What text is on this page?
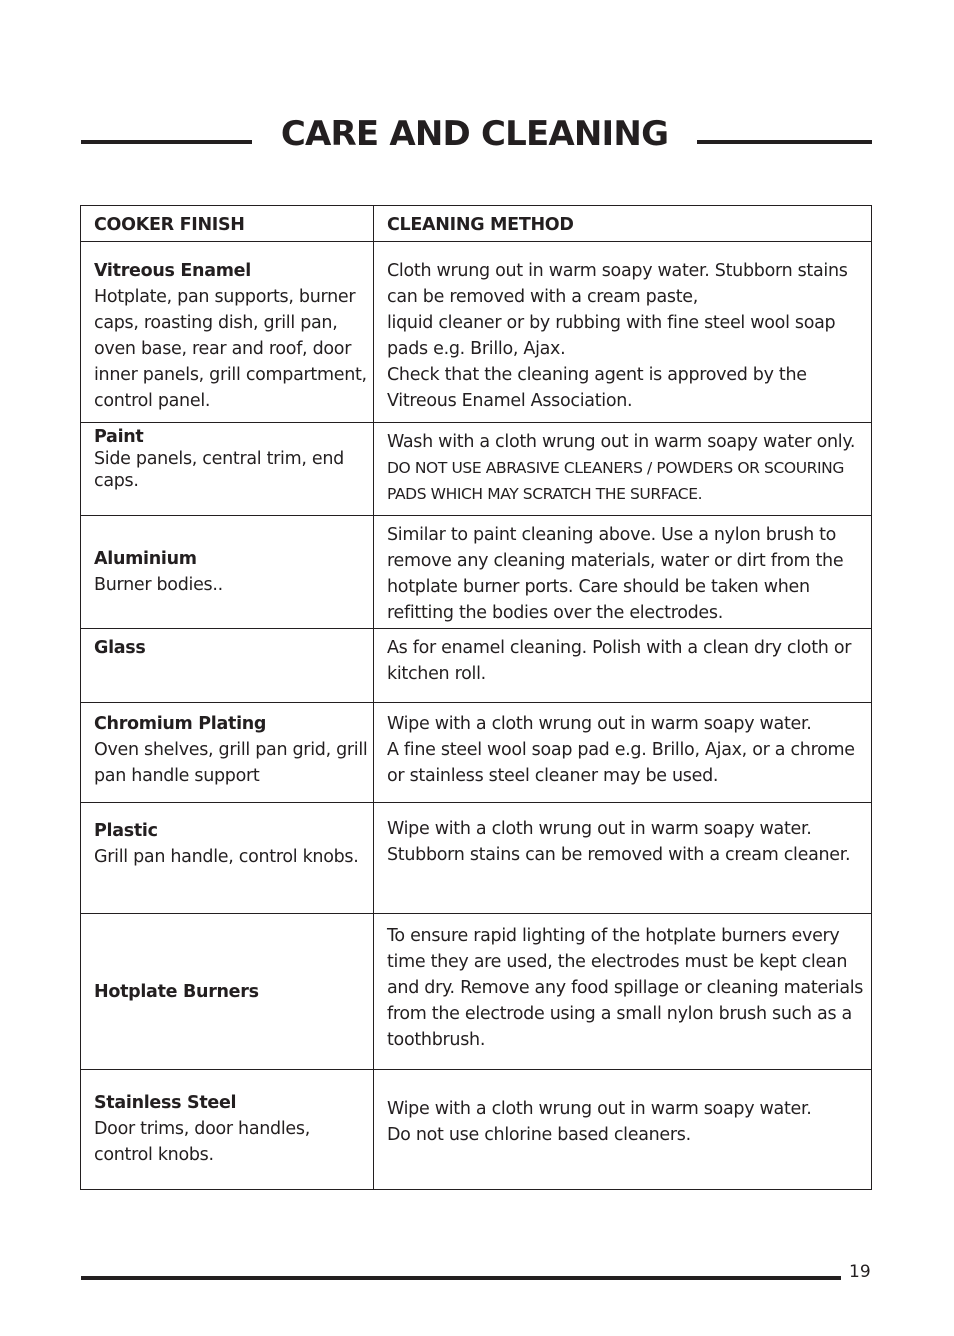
CARE AND CLEANING
COOKER FINISH	CLEANING METHOD

Vitreous Enamel
Hotplate, pan supports, burner caps, roasting dish, grill pan, oven base, rear and roof, door inner panels, grill compartment, control panel.	Cloth wrung out in warm soapy water. Stubborn stains can be removed with a cream paste,
liquid cleaner or by rubbing with fine steel wool soap pads e.g. Brillo, Ajax.
Check that the cleaning agent is approved by the Vitreous Enamel Association.

Paint
Side panels, central trim, end caps.	Wash with a cloth wrung out in warm soapy water only. DO NOT USE ABRASIVE CLEANERS / POWDERS OR SCOURING PADS WHICH MAY SCRATCH THE SURFACE.

Aluminium
Burner bodies..	Similar to paint cleaning above. Use a nylon brush to remove any cleaning materials, water or dirt from the hotplate burner ports. Care should be taken when refitting the bodies over the electrodes.

Glass	As for enamel cleaning. Polish with a clean dry cloth or kitchen roll.

Chromium Plating
Oven shelves, grill pan grid, grill pan handle support	Wipe with a cloth wrung out in warm soapy water.
A fine steel wool soap pad e.g. Brillo, Ajax, or a chrome or stainless steel cleaner may be used.

Plastic
Grill pan handle, control knobs.	Wipe with a cloth wrung out in warm soapy water.
Stubborn stains can be removed with a cream cleaner.

Hotplate Burners	To ensure rapid lighting of the hotplate burners every time they are used, the electrodes must be kept clean and dry. Remove any food spillage or cleaning materials from the electrode using a small nylon brush such as a toothbrush.

Stainless Steel
Door trims, door handles, control knobs.	Wipe with a cloth wrung out in warm soapy water.
Do not use chlorine based cleaners.
19
